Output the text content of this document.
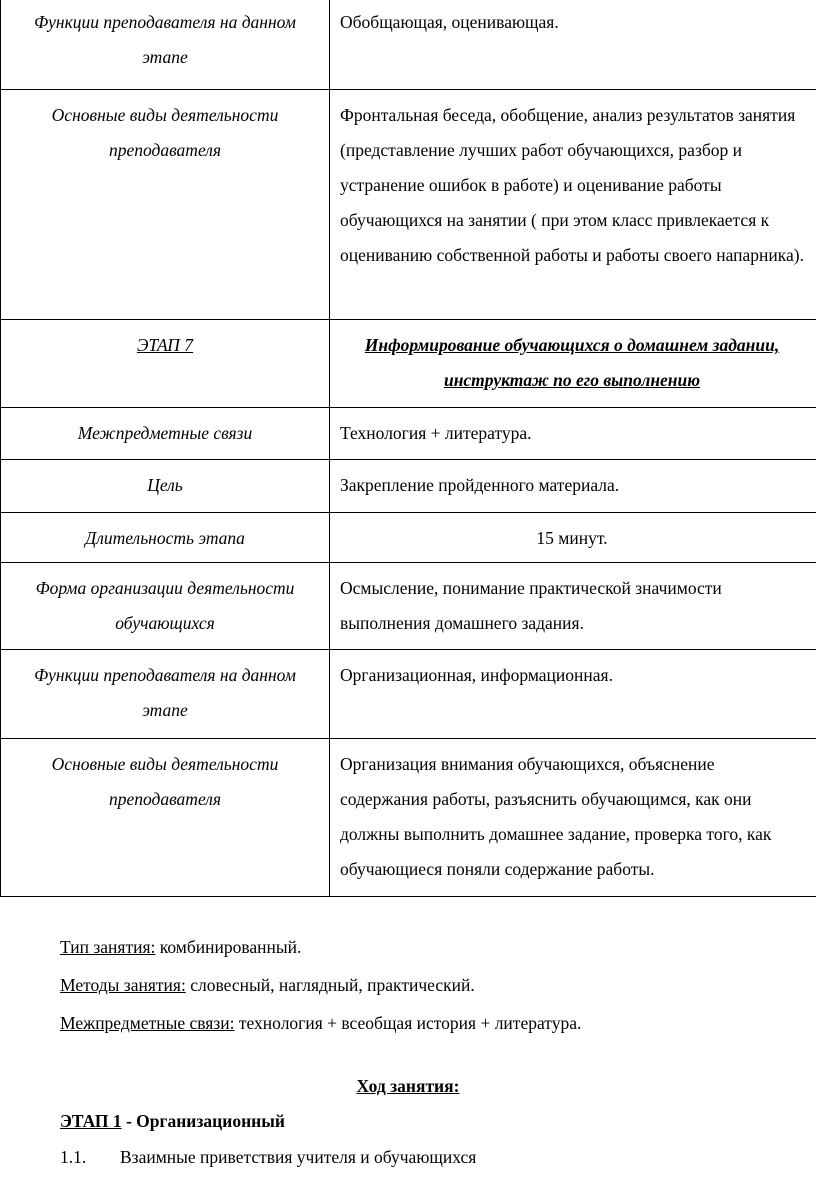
Функции преподавателя на данном этапе	Обобщающая, оценивающая.
Основные виды деятельности преподавателя	Фронтальная беседа, обобщение, анализ результатов занятия (представление лучших работ обучающихся, разбор и устранение ошибок в работе) и оценивание работы обучающихся на занятии ( при этом класс привлекается к оцениванию собственной работы и работы своего напарника).
ЭТАП 7	Информирование обучающихся о домашнем задании, инструктаж по его выполнению
Межпредметные связи	Технология + литература.
Цель	Закрепление пройденного материала.
Длительность этапа	15 минут.
Форма организации деятельности обучающихся	Осмысление, понимание практической значимости выполнения домашнего задания.
Функции преподавателя на данном этапе	Организационная, информационная.
Основные виды деятельности преподавателя	Организация внимания обучающихся, объяснение содержания работы, разъяснить обучающимся, как они должны выполнить домашнее задание, проверка того, как обучающиеся поняли содержание работы.
Тип занятия: комбинированный.
Методы занятия: словесный, наглядный, практический.
Межпредметные связи: технология + всеобщая история + литература.
Ход занятия:
ЭТАП 1 - Организационный
1.1. Взаимные приветствия учителя и обучающихся
